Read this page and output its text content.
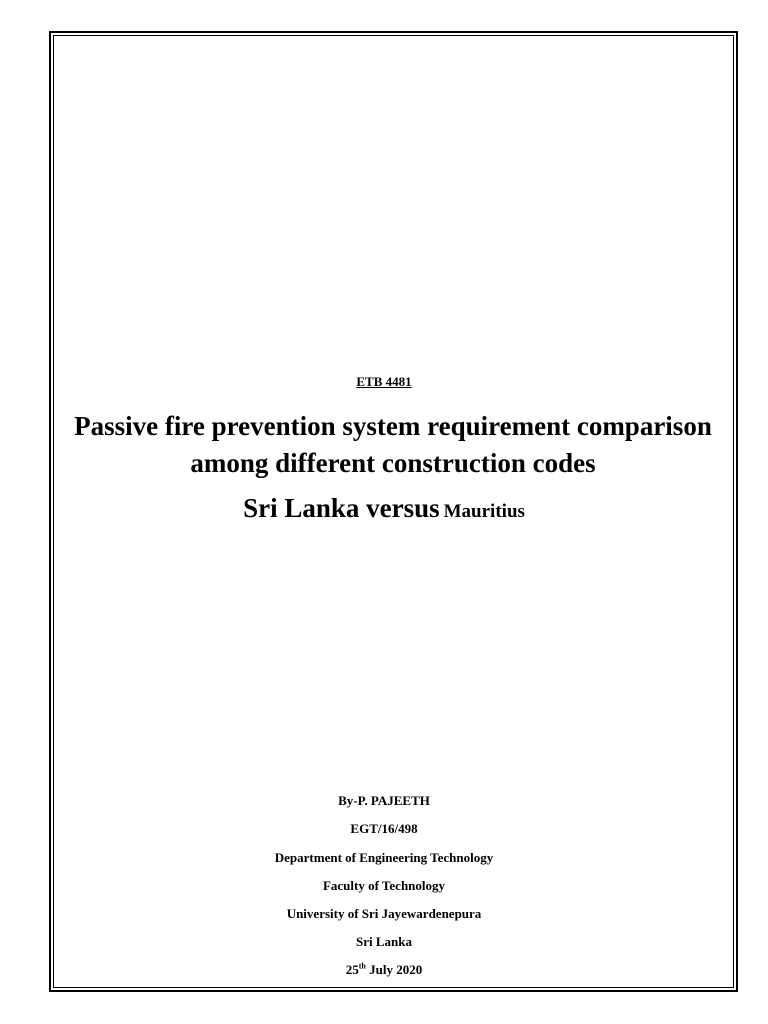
ETB 4481
Passive fire prevention system requirement comparison among different construction codes
Sri Lanka versus Mauritius
By-P. PAJEETH
EGT/16/498
Department of Engineering Technology
Faculty of Technology
University of Sri Jayewardenepura
Sri Lanka
25th July 2020
